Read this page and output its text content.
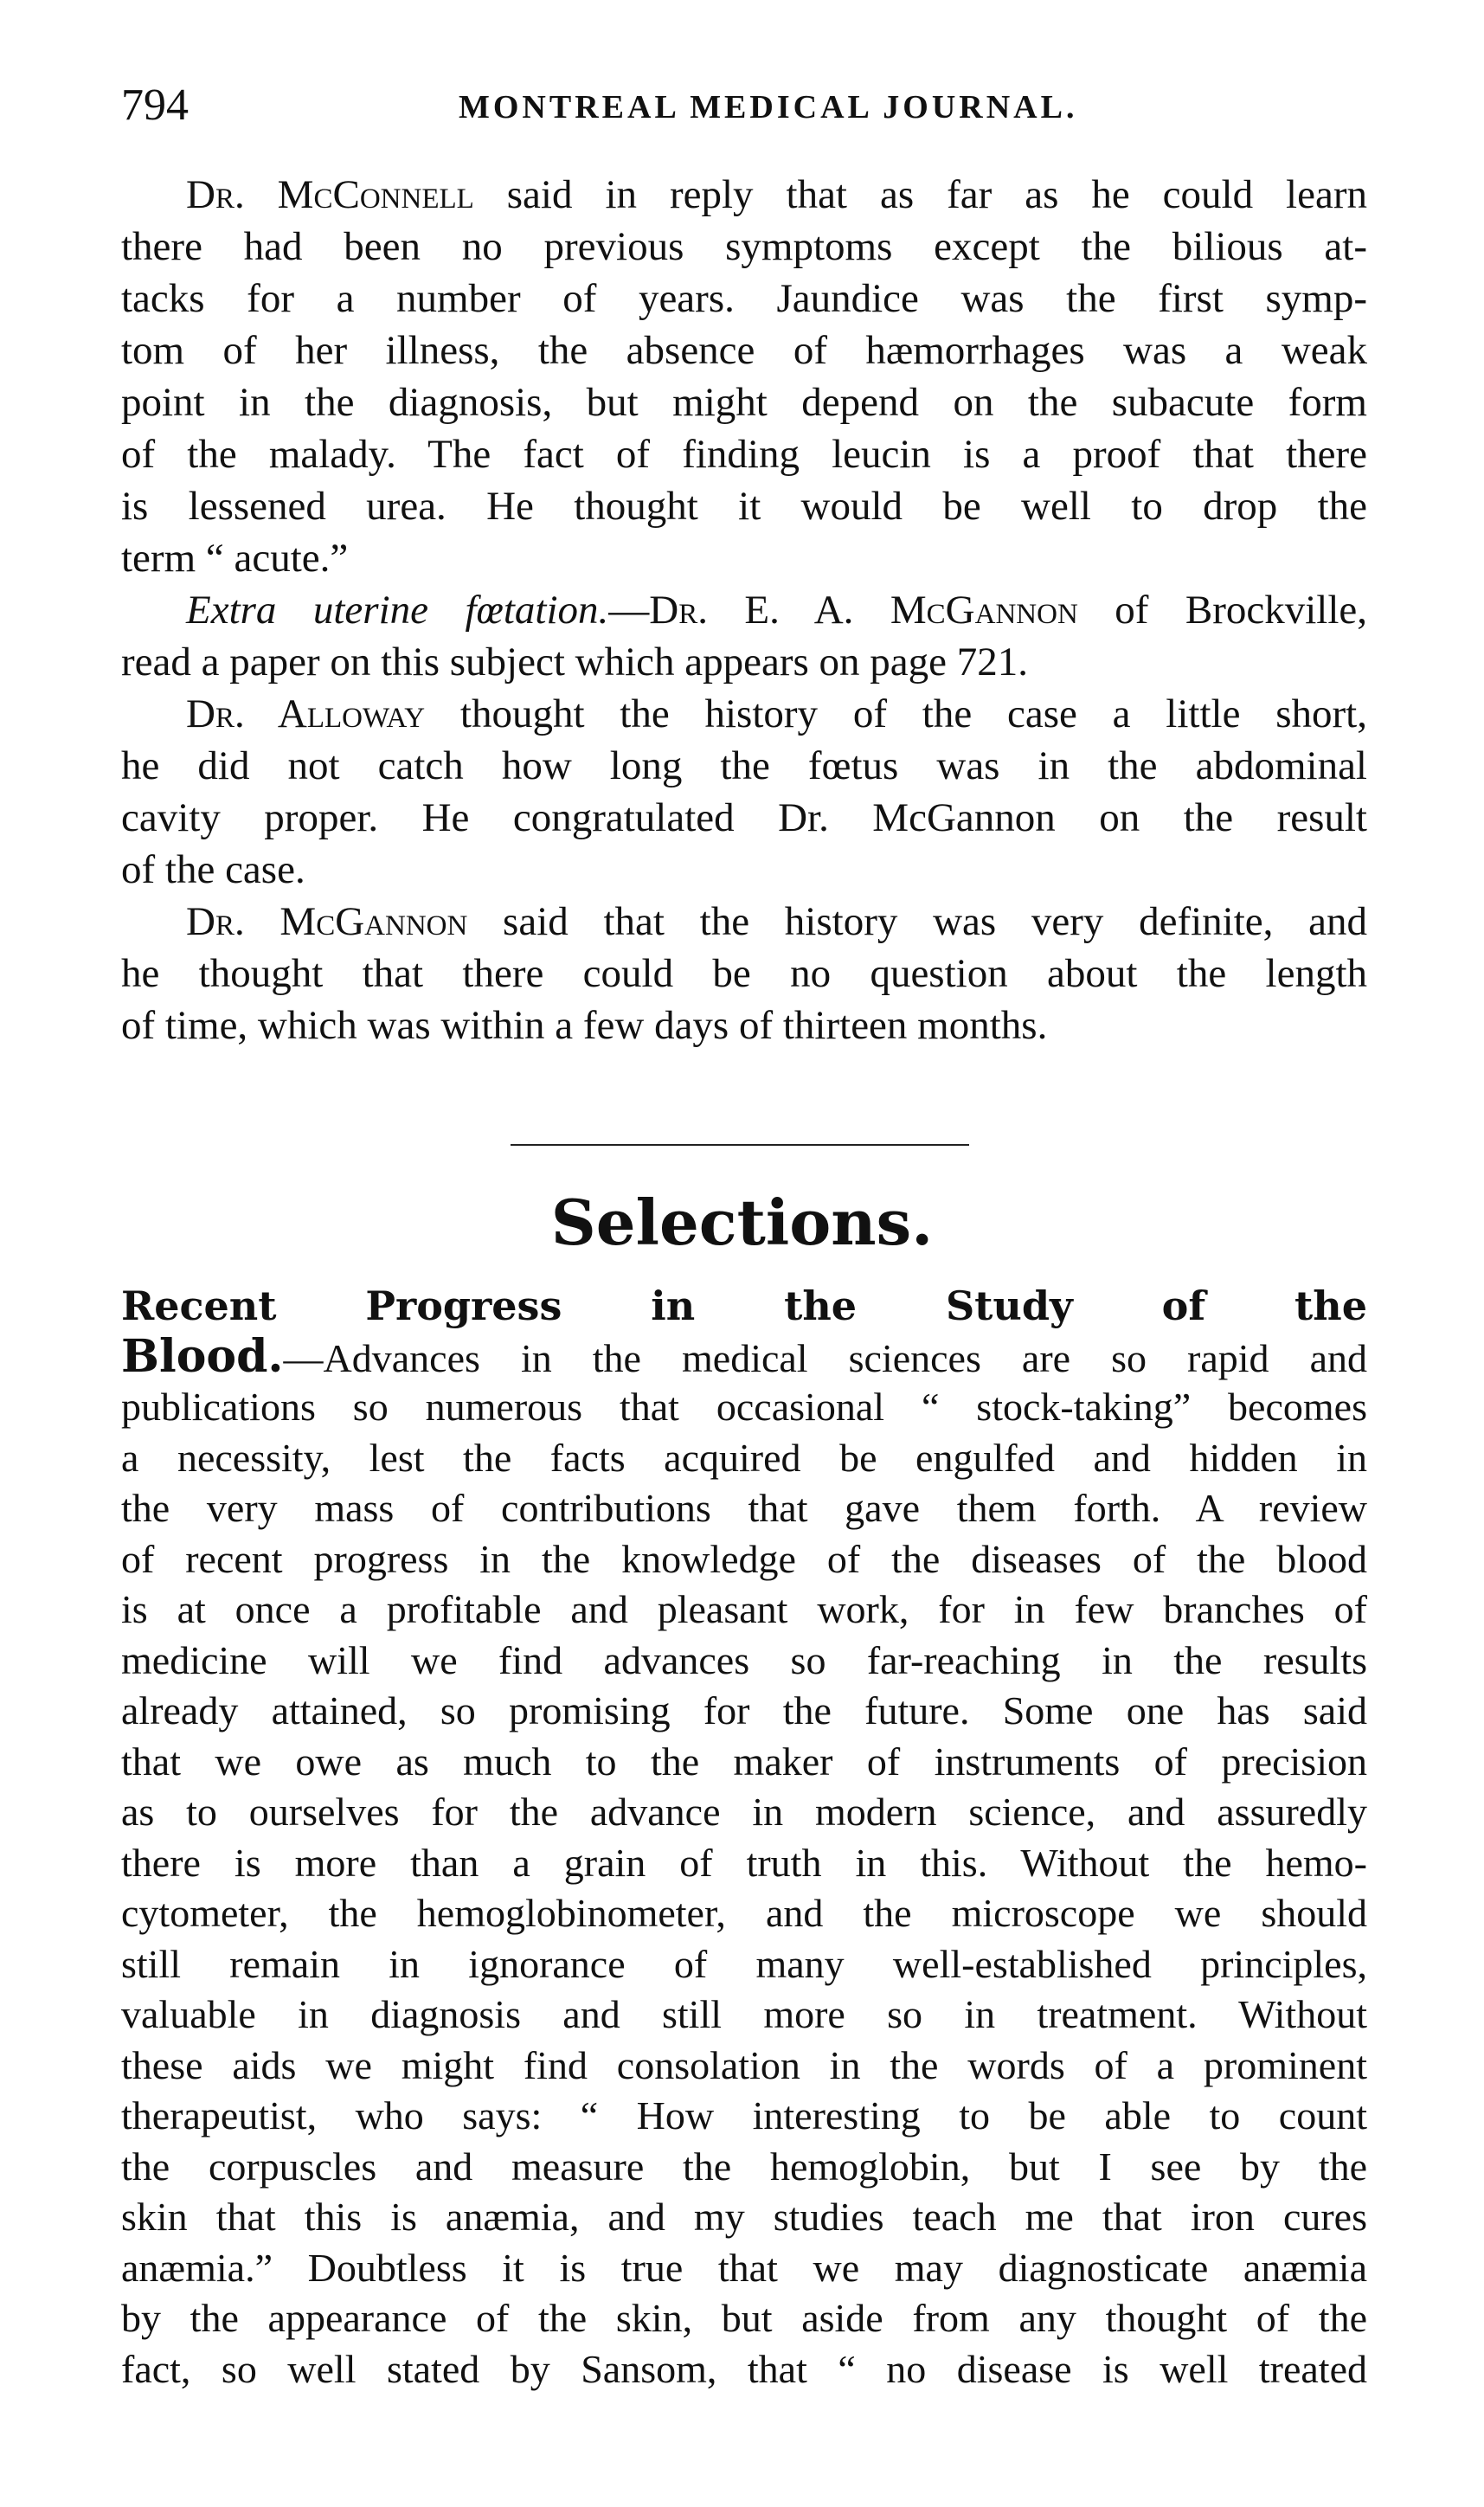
794	MONTREAL MEDICAL JOURNAL.
Dr. McConnell said in reply that as far as he could learn
there had been no previous symptoms except the bilious at-
tacks for a number of years. Jaundice was the first symp-
tom of her illness, the absence of hæmorrhages was a weak
point in the diagnosis, but might depend on the subacute form
of the malady. The fact of finding leucin is a proof that there
is lessened urea. He thought it would be well to drop the
term “ acute.”
Extra uterine fœtation.—Dr. E. A. McGannon of Brockville,
read a paper on this subject which appears on page 721.
Dr. Alloway thought the history of the case a little short,
he did not catch how long the fœtus was in the abdominal
cavity proper. He congratulated Dr. McGannon on the result
of the case.
Dr. McGannon said that the history was very definite, and
he thought that there could be no question about the length
of time, which was within a few days of thirteen months.
Selections.
Recent Progress in the Study of the
Blood.—Advances in the medical sciences are so rapid and
publications so numerous that occasional “ stock-taking” becomes
a necessity, lest the facts acquired be engulfed and hidden in
the very mass of contributions that gave them forth. A review
of recent progress in the knowledge of the diseases of the blood
is at once a profitable and pleasant work, for in few branches of
medicine will we find advances so far-reaching in the results
already attained, so promising for the future. Some one has said
that we owe as much to the maker of instruments of precision
as to ourselves for the advance in modern science, and assuredly
there is more than a grain of truth in this. Without the hemo-
cytometer, the hemoglobinometer, and the microscope we should
still remain in ignorance of many well-established principles,
valuable in diagnosis and still more so in treatment. Without
these aids we might find consolation in the words of a prominent
therapeutist, who says: “ How interesting to be able to count
the corpuscles and measure the hemoglobin, but I see by the
skin that this is anæmia, and my studies teach me that iron cures
anæmia.” Doubtless it is true that we may diagnosticate anæmia
by the appearance of the skin, but aside from any thought of the
fact, so well stated by Sansom, that “ no disease is well treated
